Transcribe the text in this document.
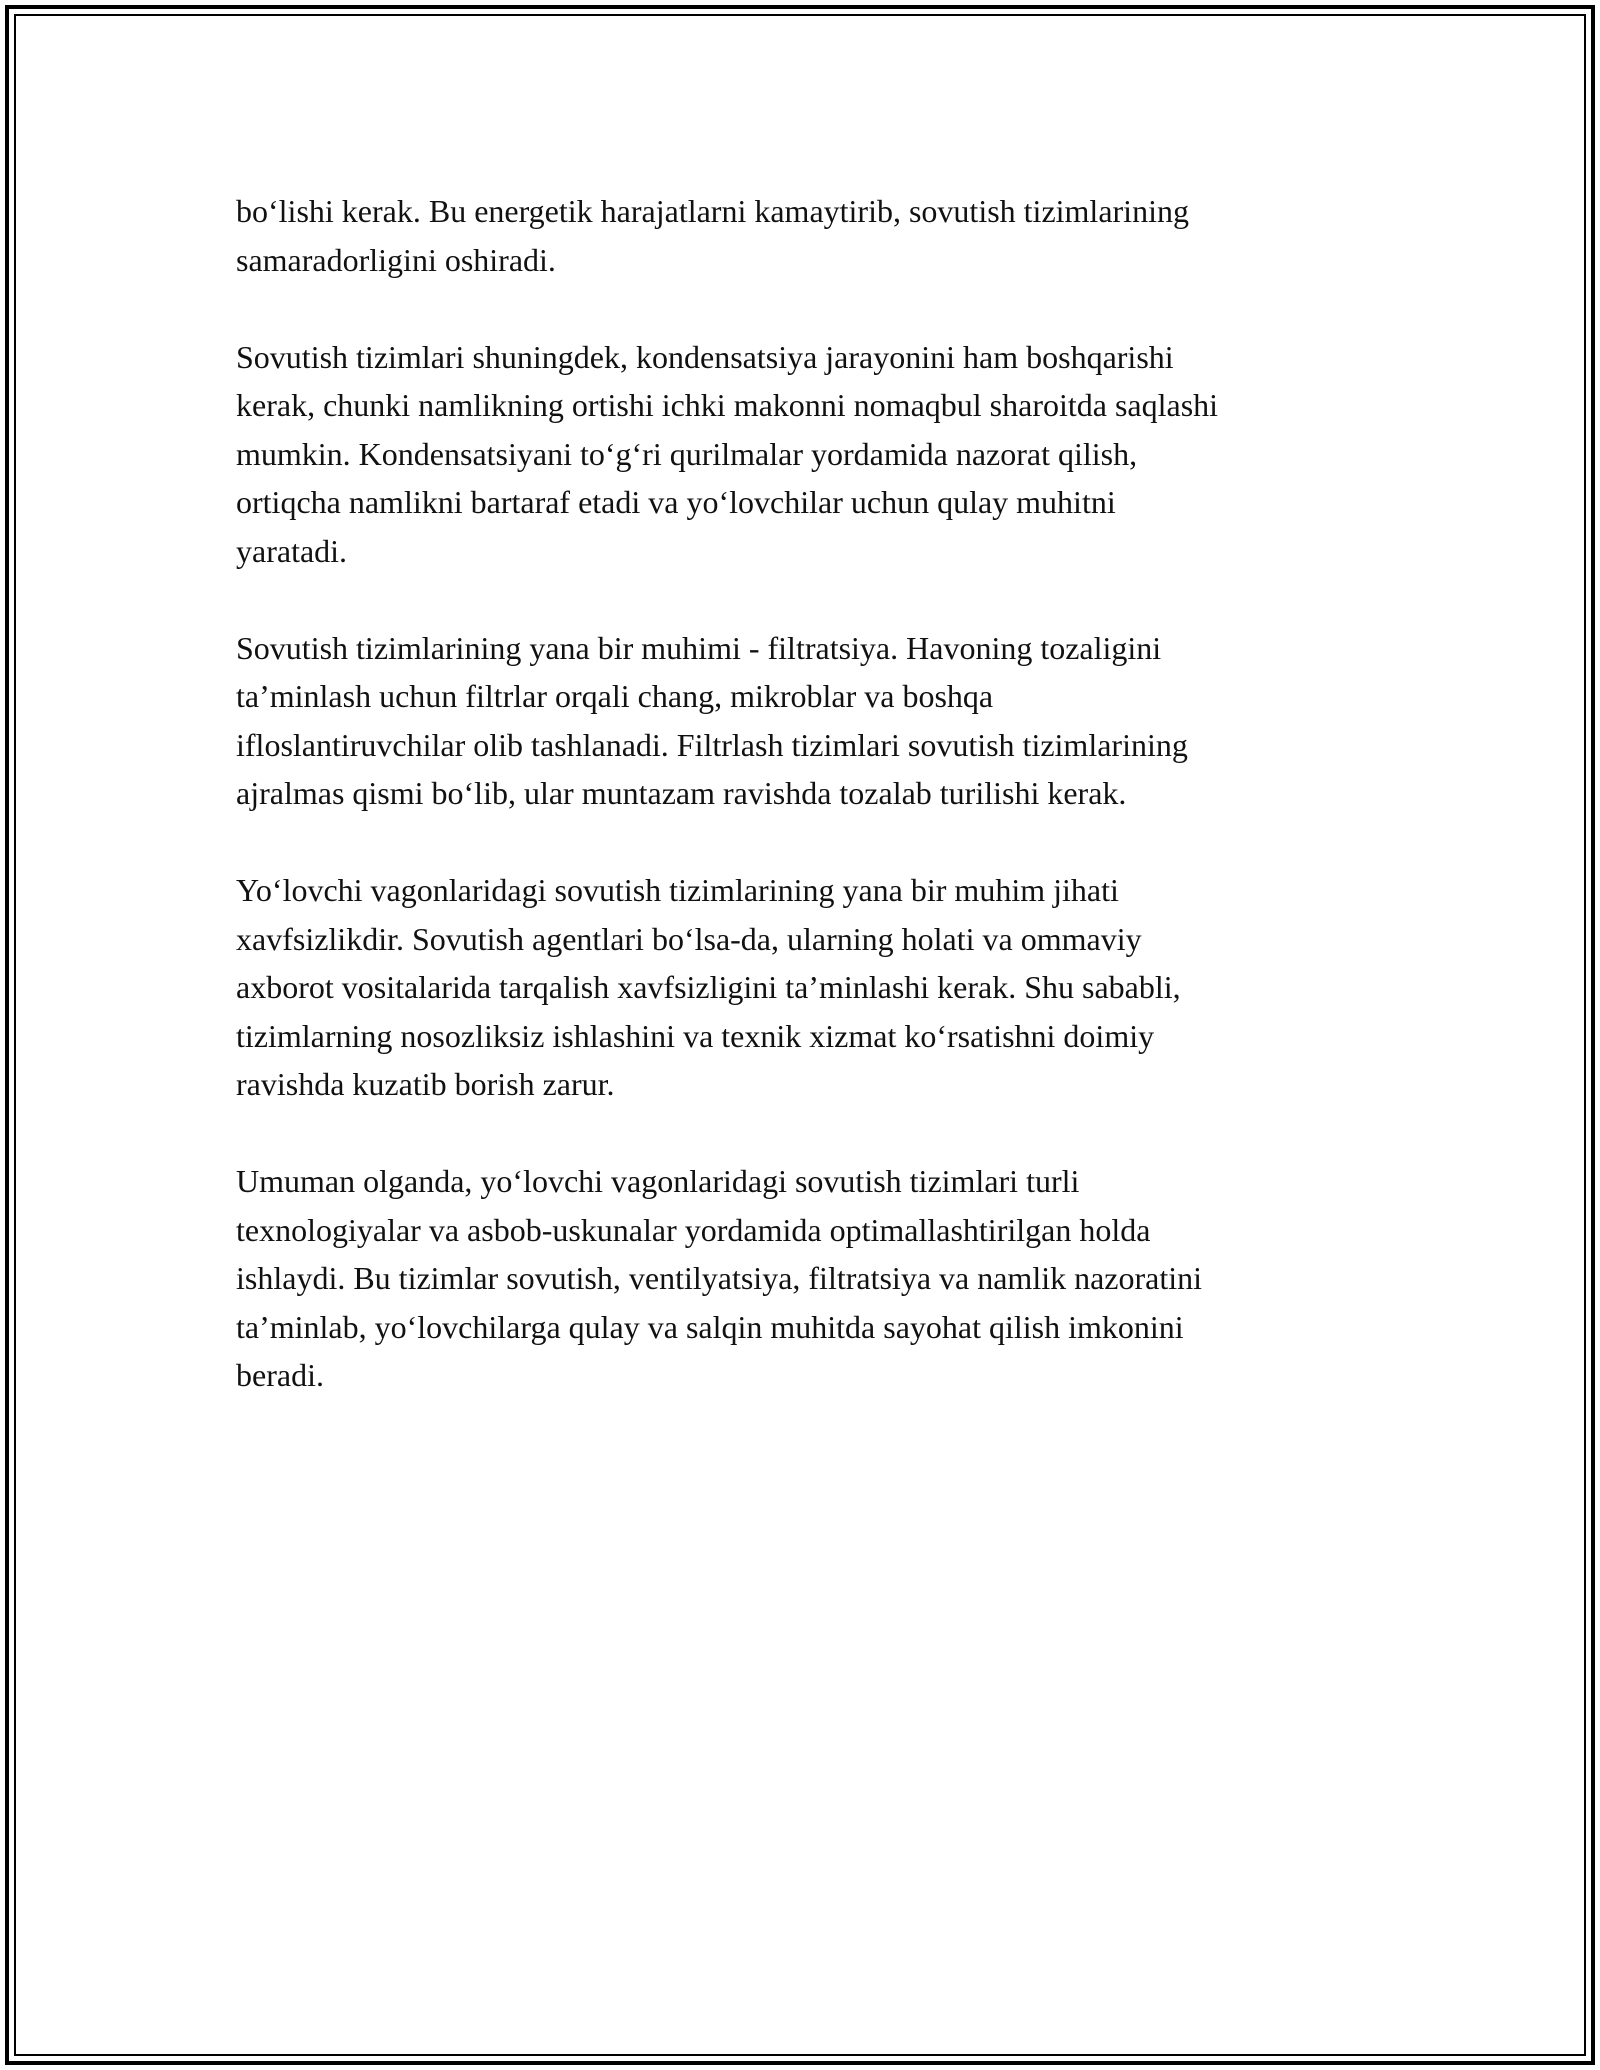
bo‘lishi kerak. Bu energetik harajatlarni kamaytirib, sovutish tizimlarining
samaradorligini oshiradi.

Sovutish tizimlari shuningdek, kondensatsiya jarayonini ham boshqarishi
kerak, chunki namlikning ortishi ichki makonni nomaqbul sharoitda saqlashi
mumkin. Kondensatsiyani to‘g‘ri qurilmalar yordamida nazorat qilish,
ortiqcha namlikni bartaraf etadi va yo‘lovchilar uchun qulay muhitni
yaratadi.

Sovutish tizimlarining yana bir muhimi - filtratsiya. Havoning tozaligini
ta’minlash uchun filtrlar orqali chang, mikroblar va boshqa
ifloslantiruvchilar olib tashlanadi. Filtrlash tizimlari sovutish tizimlarining
ajralmas qismi bo‘lib, ular muntazam ravishda tozalab turilishi kerak.

Yo‘lovchi vagonlaridagi sovutish tizimlarining yana bir muhim jihati
xavfsizlikdir. Sovutish agentlari bo‘lsa-da, ularning holati va ommaviy
axborot vositalarida tarqalish xavfsizligini ta’minlashi kerak. Shu sababli,
tizimlarning nosozliksiz ishlashini va texnik xizmat ko‘rsatishni doimiy
ravishda kuzatib borish zarur.

Umuman olganda, yo‘lovchi vagonlaridagi sovutish tizimlari turli
texnologiyalar va asbob-uskunalar yordamida optimallashtirilgan holda
ishlaydi. Bu tizimlar sovutish, ventilyatsiya, filtratsiya va namlik nazoratini
ta’minlab, yo‘lovchilarga qulay va salqin muhitda sayohat qilish imkonini
beradi.
